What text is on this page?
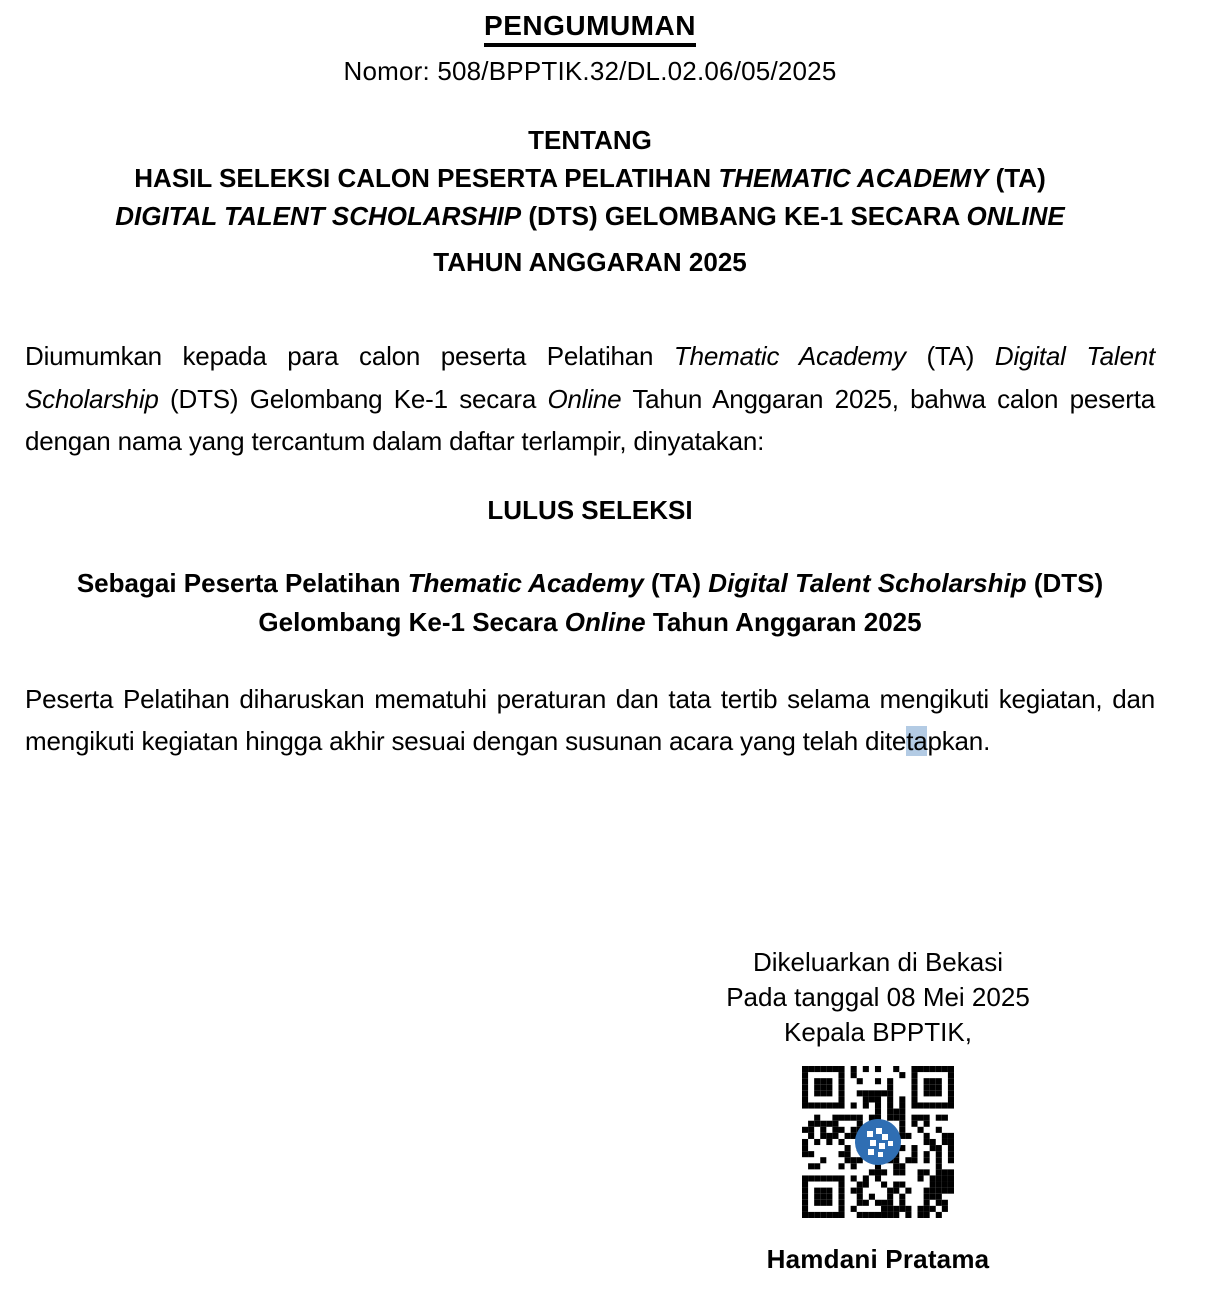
PENGUMUMAN
Nomor: 508/BPPTIK.32/DL.02.06/05/2025
TENTANG
HASIL SELEKSI CALON PESERTA PELATIHAN THEMATIC ACADEMY (TA)
DIGITAL TALENT SCHOLARSHIP (DTS) GELOMBANG KE-1 SECARA ONLINE
TAHUN ANGGARAN 2025

Diumumkan kepada para calon peserta Pelatihan Thematic Academy (TA) Digital Talent Scholarship (DTS) Gelombang Ke-1 secara Online Tahun Anggaran 2025, bahwa calon peserta dengan nama yang tercantum dalam daftar terlampir, dinyatakan:

LULUS SELEKSI
Sebagai Peserta Pelatihan Thematic Academy (TA) Digital Talent Scholarship (DTS) Gelombang Ke-1 Secara Online Tahun Anggaran 2025

Peserta Pelatihan diharuskan mematuhi peraturan dan tata tertib selama mengikuti kegiatan, dan mengikuti kegiatan hingga akhir sesuai dengan susunan acara yang telah ditetapkan.

Dikeluarkan di Bekasi
Pada tanggal 08 Mei 2025
Kepala BPPTIK,
Hamdani Pratama
